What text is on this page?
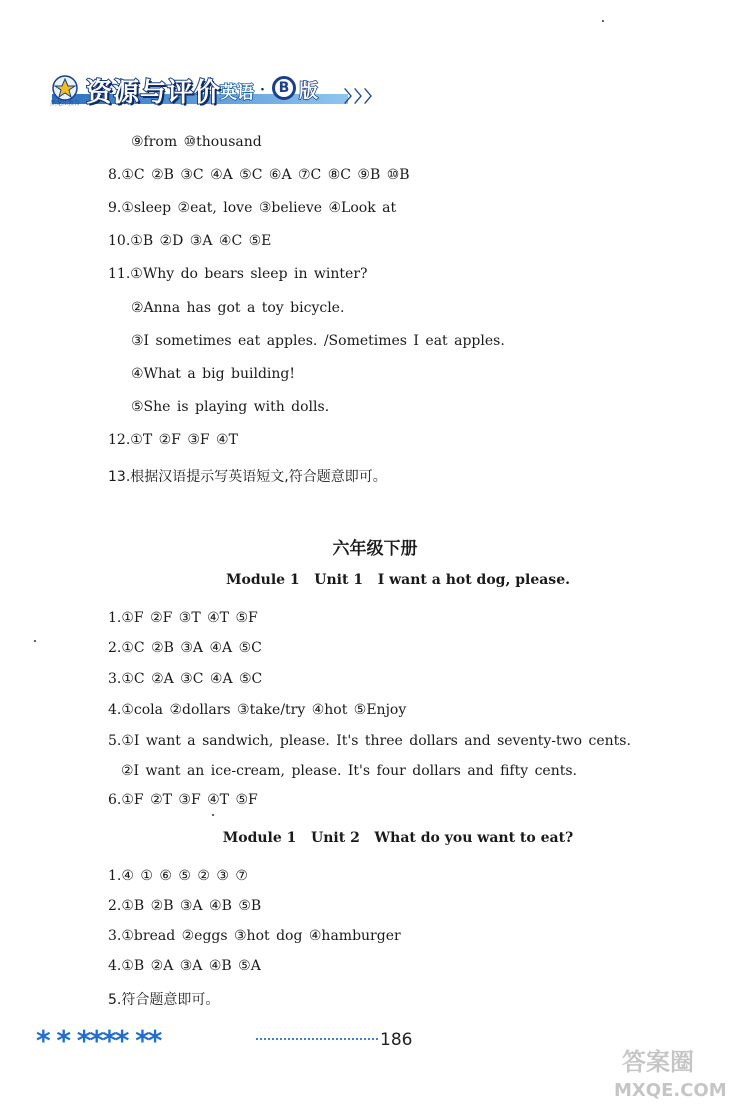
黑龙江教育 资源与评价
英语 · B 版 〉〉〉
⑨from ⑩thousand
8.①C ②B ③C ④A ⑤C ⑥A ⑦C ⑧C ⑨B ⑩B
9.①sleep ②eat, love ③believe ④Look at
10.①B ②D ③A ④C ⑤E
11.①Why do bears sleep in winter?
②Anna has got a toy bicycle.
③I sometimes eat apples. /Sometimes I eat apples.
④What a big building!
⑤She is playing with dolls.
12.①T ②F ③F ④T
13.根据汉语提示写英语短文,符合题意即可。
六年级下册
Module 1   Unit 1   I want a hot dog, please.
1.①F ②F ③T ④T ⑤F
2.①C ②B ③A ④A ⑤C
3.①C ②A ③C ④A ⑤C
4.①cola ②dollars ③take/try ④hot ⑤Enjoy
5.①I want a sandwich, please. It's three dollars and seventy-two cents.
②I want an ice-cream, please. It's four dollars and fifty cents.
6.①F ②T ③F ④T ⑤F
Module 1   Unit 2   What do you want to eat?
1.④ ① ⑥ ⑤ ② ③ ⑦
2.①B ②B ③A ④B ⑤B
3.①bread ②eggs ③hot dog ④hamburger
4.①B ②A ③A ④B ⑤A
5.符合题意即可。
* * **** **	186
答案圈
MXQE.COM
